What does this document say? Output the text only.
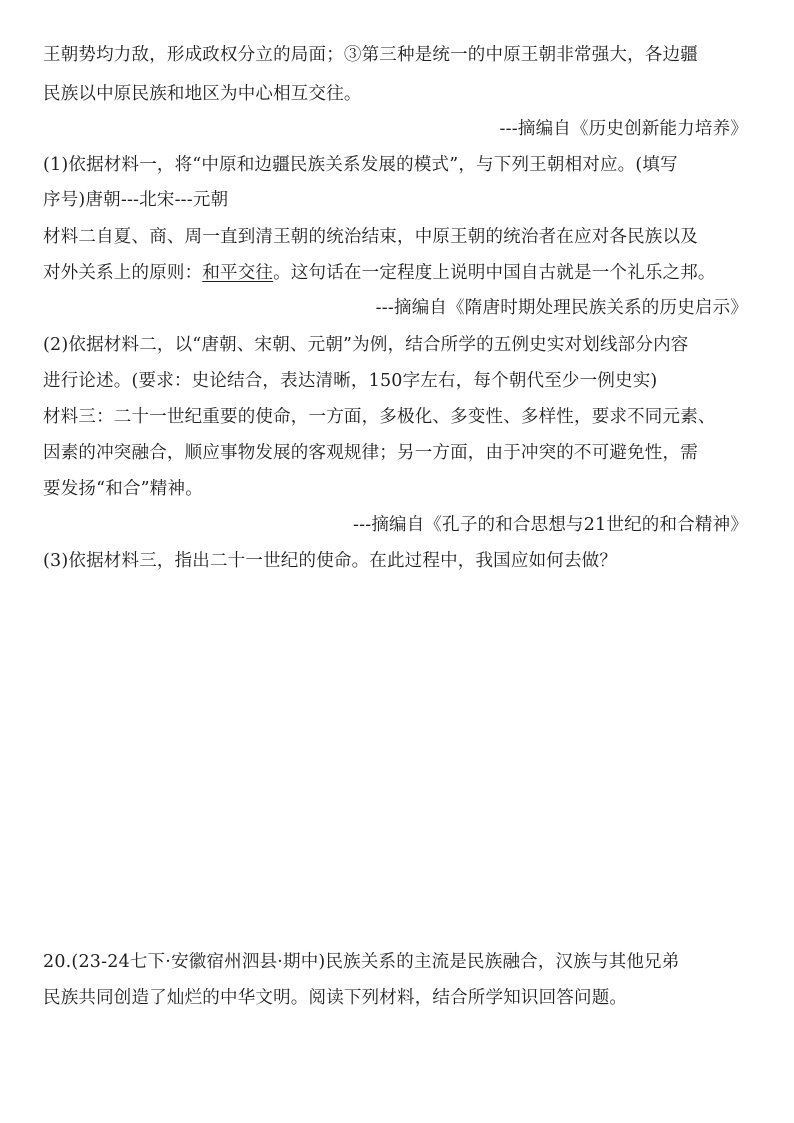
王朝势均力敌，形成政权分立的局面；③第三种是统一的中原王朝非常强大，各边疆
民族以中原民族和地区为中心相互交往。
---摘编自《历史创新能力培养》
(1)依据材料一，将“中原和边疆民族关系发展的模式”，与下列王朝相对应。(填写
序号)唐朝---北宋---元朝
材料二自夏、商、周一直到清王朝的统治结束，中原王朝的统治者在应对各民族以及
对外关系上的原则：和平交往。这句话在一定程度上说明中国自古就是一个礼乐之邦。
---摘编自《隋唐时期处理民族关系的历史启示》
(2)依据材料二，以“唐朝、宋朝、元朝”为例，结合所学的五例史实对划线部分内容
进行论述。(要求：史论结合，表达清晰，150字左右，每个朝代至少一例史实)
材料三：二十一世纪重要的使命，一方面，多极化、多变性、多样性，要求不同元素、
因素的冲突融合，顺应事物发展的客观规律；另一方面，由于冲突的不可避免性，需
要发扬“和合”精神。
---摘编自《孔子的和合思想与21世纪的和合精神》
(3)依据材料三，指出二十一世纪的使命。在此过程中，我国应如何去做？
20.(23-24七下·安徽宿州泗县·期中)民族关系的主流是民族融合，汉族与其他兄弟
民族共同创造了灿烂的中华文明。阅读下列材料，结合所学知识回答问题。
